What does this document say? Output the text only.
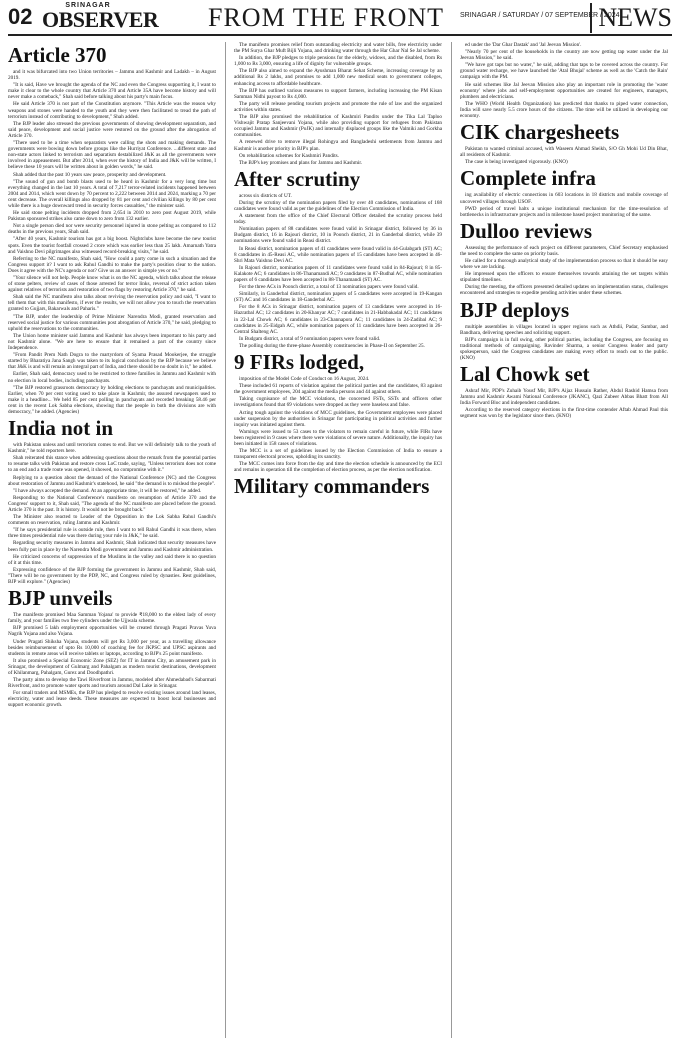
02	SRINAGAR
OBSERVER FROM THE FRONT SRINAGAR / SATURDAY / 07 SEPTEMBER / 2024
NEWS
Article 370

and it was bifurcated into two Union territories – Jammu and Kashmir and Ladakh – in August 2019.

"It is said, Have we brought the agenda of the NC and even the Congress supporting it, I want to make it clear to the whole country that Article 370 and Article 35A have become history and will never make a comeback," Shah said before talking about his party's main focus.

He said Article 370 is not part of the Constitution anymore. "This Article was the reason why weapons and stones were handed to the youth and they were then facilitated to tread the path of terrorism instead of contributing to development," Shah added.

The BJP leader also stressed the previous governments of showing development separatism, and said peace, development and social justice were restored on the ground after the abrogation of Article 370.

"There used to be a time when separatists were calling the shots and making demands. The governments were bowing down before groups like the Hurriyat Conference. ...different state and non-state actors linked to terrorism and separatism destabilized J&K as all the governments were involved in appeasement. But after 2014, when ever the history of India and J&K will be written, I believe these 10 years will be written about in golden words," he said.

Shah added that the past 10 years saw peace, prosperity and development.

"The sound of gun and bomb blasts used to be heard in Kashmir for a very long time but everything changed in the last 10 years. A total of 7,217 terror-related incidents happened between 2004 and 2014, which went down by 70 percent to 2,222 between 2014 and 2024, marking a 70 per cent decrease. The overall killings also dropped by 81 per cent and civilian killings by 80 per cent while there is a huge downward trend in security forces casualties," the minister said.

He said stone pelting incidents dropped from 2,654 in 2010 to zero post August 2019, while Pakistan sponsored strikes also came down to zero from 132 earlier.

Not a single person died nor were security personnel injured in stone pelting as compared to 112 deaths in the previous years, Shah said.

"After 40 years, Kashmir tourism has got a big boost. Nightclubs have become the new tourist spots. Even the tourist footfall crossed 2 crore which was earlier less than 25 lakh. Amarnath Yatra and Vaishno Devi pilgrimages also witnessed record-breaking visits," he said.

Referring to the NC manifesto, Shah said, "How could a party come in such a situation and the Congress support it? I want to ask Rahul Gandhi to make the party's position clear to the nation. Does it agree with the NC's agenda or not? Give us an answer in simple yes or no."

"Your silence will not help. People know what is on the NC agenda, which talks about the release of stone pelters, review of cases of those arrested for terror links, reversal of strict action taken against relatives of terrorists and restoration of two flags by restoring Article 370," he said.

Shah said the NC manifesto also talks about reviving the reservation policy and said, "I want to tell them that with this manifesto, if ever the results, we will not allow you to touch the reservation granted to Gujjars, Bakarwals and Paharis."

"The BJP, under the leadership of Prime Minister Narendra Modi, granted reservation and reserved social justice for various communities post abrogation of Article 370," he said, pledging to uphold the reservations to the communities.

The Union home minister said Jammu and Kashmir has always been important to his party and not Kashmir alone. "We are here to ensure that it remained a part of the country since Independence.

"From Pandit Prem Nath Dogra to the martyrdom of Syama Prasad Mookerjee, the struggle started by Bharatiya Jana Sangh was taken to its logical conclusion by the BJP because we believe that J&K is and will remain an integral part of India, and there should be no doubt in it," he added.

Earlier, Shah said, democracy used to be restricted to three families in Jammu and Kashmir with no election in local bodies, including panchayats.

"The BJP restored grassroots democracy by holding elections to panchayats and municipalities. Earlier, when 70 per cent voting used to take place in Kashmir, the assured newspapers used to make it a headline... We held 85 per cent polling in panchayats and recorded breaking 58.46 per cent in the recent Lok Sabha elections, showing that the people in both the divisions are with democracy," he added. (Agencies)

India not in

with Pakistan unless and until terrorism comes to end. But we will definitely talk to the youth of Kashmir," he told reporters here.

Shah reiterated this stance when addressing questions about the remark from the potential parties to resume talks with Pakistan and restore cross LoC trade, saying, "Unless terrorism does not come to an end and a trade route was opened, it showed, no compromise with it."

Replying to a question about the demand of the National Conference (NC) and the Congress about restoration of Jammu and Kashmir's statehood, he said "the demand is to mislead the people".

"I have always accepted the demand. At an appropriate time, it will be restored," he added.

Responding to the National Conference's manifesto on resumption of Article 370 and the Congress' support to it, Shah said, "The agenda of the NC manifesto are placed before the ground. Article 370 is the past. It is history. It would not be brought back."

The Minister also reacted to Leader of the Opposition in the Lok Sabha Rahul Gandhi's comments on reservation, ruling Jammu and Kashmir.

"If he says presidential rule is outside rule, then I want to tell Rahul Gandhi it was there, when three times presidential rule was there during your rule in J&K," he said.

Regarding security measures in Jammu and Kashmir, Shah indicated that security measures have been fully put in place by the Narendra Modi government and Jammu and Kashmir administration.

He criticized concerns of suppression of the Muslims in the valley and said there is no question of it at this time.

Expressing confidence of the BJP forming the government in Jammu and Kashmir, Shah said, "There will be no government by the PDP, NC, and Congress ruled by dynasties. Rest guidelines, BJP will explore." (Agencies)

BJP unveils

The manifesto promised Maa Samman Yojana' to provide ₹18,000 to the eldest lady of every family, and your families two free cylinders under the Ujjwala scheme.

BJP promised 5 lakh employment opportunities will be created through Pragati Pravas Yuva Nagrik Yojana and also Yojana.

Under Pragati Shiksha Yojana, students will get Rs 3,000 per year, as a travelling allowance besides reimbursement of upto Rs 10,000 of coaching fee for JKPSC and UPSC aspirants and students in remote areas will receive tablets or laptops, according to BJP's 25 point manifesto.

It also promised a Special Economic Zone (SEZ) for IT in Jammu City, an amusement park in Srinagar, the development of Gulmarg and Pahalgam as modern tourist destinations, development of Khilanmarg, Pahalgam, Gurez and Doodhpathri.

The party aims to develop the Tawi Riverfront in Jammu, modeled after Ahmedabad's Sabarmati Riverfront, and to promote water sports and tourism around Dal Lake in Srinagar.

For small traders and MSMEs, the BJP has pledged to resolve existing issues around land leases, electricity, water and lease deeds. These measures are expected to boost local businesses and support economic growth.

The manifesto promises relief from outstanding electricity and water bills, free electricity under the PM Surya Ghar Muft Bijli Yojana, and drinking water through the Har Ghar Nal Se Jal scheme.

In addition, the BJP pledges to triple pensions for the elderly, widows, and the disabled, from Rs 1,000 to Rs 3,000, ensuring a life of dignity for vulnerable groups.

The BJP also aimed to expand the Ayushman Bharat Sehat Scheme, increasing coverage by an additional Rs 2 lakhs, and promises to add 1,000 new medical seats to government colleges, enhancing access to affordable healthcare.

The BJP has outlined various measures to support farmers, including increasing the PM Kisan Samman Nidhi payout to Rs 4,000.

The party will release pending tourism projects and promote the rule of law and the organized activities within states.

The BJP also promised the rehabilitation of Kashmiri Pandits under the Tika Lal Taploo Vishwajit Pratap Sanjeevani Yojana, while also providing support for refugees from Pakistan occupied Jammu and Kashmir (PoJK) and internally displaced groups like the Valmiki and Gorkha communities.

A renewed drive to remove illegal Rohingya and Bangladeshi settlements from Jammu and Kashmir is another priority in BJP's plan.

On rehabilitation schemes for Kashmiri Pandits.

The BJP's key promises and plans for Jammu and Kashmir.

After scrutiny

across six districts of UT.

During the scrutiny of the nomination papers filed by over 40 candidates, nominations of 168 candidates were found valid as per the guidelines of the Election Commission of India.

A statement from the office of the Chief Electoral Officer detailed the scrutiny process held today.

Nomination papers of 88 candidates were found valid in Srinagar district, followed by 36 in Budgam district, 16 in Rajouri district, 10 in Poonch district, 21 in Ganderbal district, while 39 nominations were found valid in Reasi district.

In Reasi district, nomination papers of 41 candidates were found valid in 44-Gulabgarh (ST) AC; 8 candidates in 45-Reasi AC, while nomination papers of 15 candidates have been accepted in 46-Shri Mata Vaishno Devi AC.

In Rajouri district, nomination papers of 11 candidates were found valid in 84-Rajouri; 8 in 85-Kalakote AC; 6 candidates in 86-Thanamandi AC; 9 candidates in 87-Budhal AC, while nomination papers of 6 candidates have been accepted in 88-Thanamandi (ST) AC.

For the three ACs in Poonch district, a total of 13 nomination papers were found valid.

Similarly, in Ganderbal district, nomination papers of 5 candidates were accepted in 19-Kangan (ST) AC and 16 candidates in 18-Ganderbal AC.

For the 8 ACs in Srinagar district, nomination papers of 13 candidates were accepted in 16-Hazratbal AC; 12 candidates in 20-Khanyar AC; 7 candidates in 21-Habbakadal AC; 11 candidates in 22-Lal Chowk AC; 6 candidates in 23-Channapora AC; 11 candidates in 24-Zadibal AC; 9 candidates in 25-Eidgah AC, while nomination papers of 11 candidates have been accepted in 26-Central Shalteng AC.

In Budgam district, a total of 9 nomination papers were found valid.

The polling during the three-phase Assembly constituencies in Phase-II on September 25.

9 FIRs lodged,

imposition of the Model Code of Conduct on 16 August, 2024.

These included 61 reports of violation against the political parties and the candidates, 83 against the government employees, 204 against the media persons and 44 against others.

Taking cognisance of the MCC violations, the concerned FSTs, SSTs and officers other investigations found that 69 violations were dropped as they were baseless and false.

Acting tough against the violations of MCC guidelines, the Government employees were placed under suspension by the authorities in Srinagar for participating in political activities and further inquiry was initiated against them.

Warnings were issued to 53 cases to the violators to remain careful in future, while FIRs have been registered in 9 cases where there were violations of severe nature. Additionally, the inquiry has been initiated in 158 cases of violations.

The MCC is a set of guidelines issued by the Election Commission of India to ensure a transparent electoral process, upholding its sanctity.

The MCC comes into force from the day and time the election schedule is announced by the ECI and remains in operation till the completion of election process, as per the election notification.

Military commanders

ed under the 'Dar Ghar Dastak' and 'Jal Jeevan Mission'.

"Nearly 70 per cent of the households in the country are now getting tap water under the Jal Jeevan Mission," he said.

"We have got taps but no water," he said, adding that taps to be covered across the country. For ground water recharge, we have launched the 'Atal Bhujal' scheme as well as the 'Catch the Rain' campaign with the PM.

He said schemes like Jal Jeevan Mission also play an important role in promoting the 'water economy' where jobs and self-employment opportunities are created for engineers, managers, plumbers and electricians.

The WHO (World Health Organization) has predicted that thanks to piped water connection, India will save nearly 5.5 crore hours of the citizens. The time will be utilized in developing our economy.

CIK chargesheets

Pakistan to wanted criminal accused, with Waseem Ahmad Sheikh, S/O Gh Mohi Ud Din Bhat, all residents of Kashmir.

The case is being investigated vigorously. (KNO)

Complete infra

ing availability of electric connections in 603 locations in 18 districts and mobile coverage of uncovered villages through USOF.

PWD period of travel halts a unique institutional mechanism for the time-resolution of bottlenecks in infrastructure projects and in milestone based project monitoring of the same.

Dulloo reviews

Assessing the performance of each project on different parameters, Chief Secretary emphasised the need to complete the same on priority basis.

He called for a thorough analytical study of the implementation process so that it should be easy where we are lacking.

He impressed upon the officers to ensure themselves towards attaining the set targets within stipulated timelines.

During the meeting, the officers presented detailed updates on implementation status, challenges encountered and strategies to expedite pending activities under these schemes.

BJP deploys

multiple assemblies in villages located in upper regions such as Athdii, Padar, Sambar, and Bandhara, delivering speeches and soliciting support.

BJP's campaign is in full swing, other political parties, including the Congress, are focusing on traditional methods of campaigning. Ravinder Sharma, a senior Congress leader and party spokesperson, said the Congress candidates are making every effort to reach out to the public. (KNO)

Lal Chowk set

Ashraf Mir, PDP's Zuhaib Yousf Mir, BJP's Aijaz Hussain Rather, Abdul Rashid Hamsa from Jammu and Kashmir Awami National Conference (JKANC), Qazi Zubeer Abbas Bhatt from All India Forward Bloc and independent candidates.

According to the reserved category elections in the first-time contender Aftab Ahmad Paul this segment was won by the legislator since then. (KNO)
